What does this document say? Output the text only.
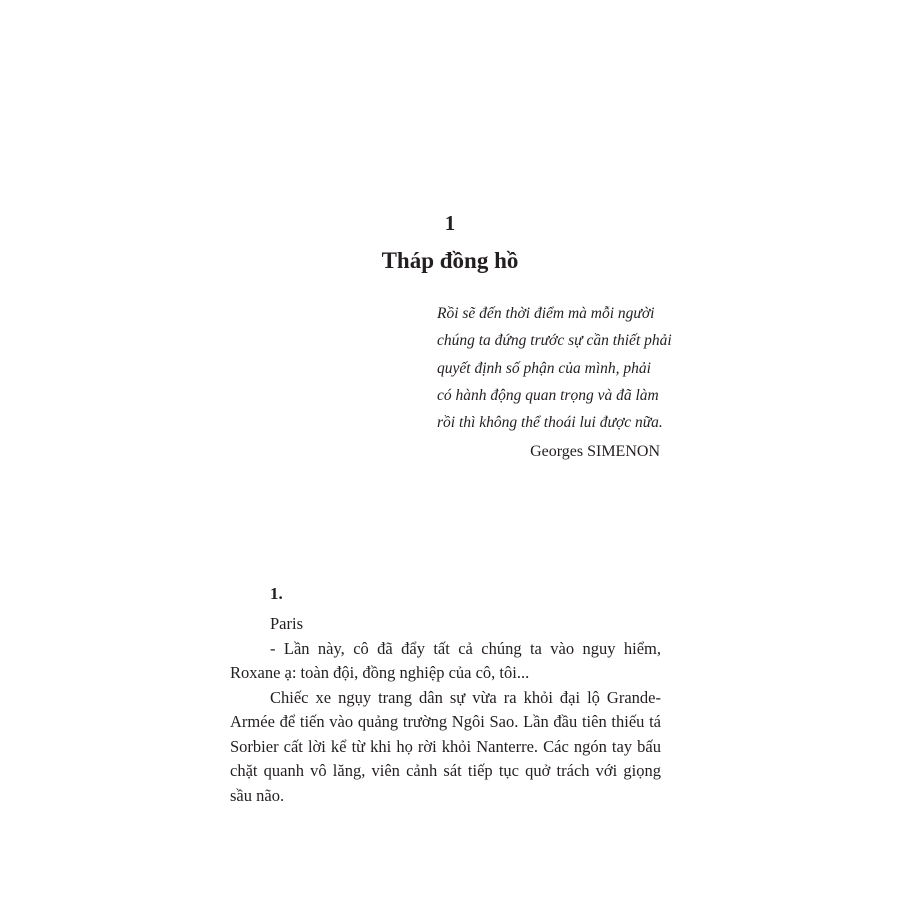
1
Tháp đồng hồ
Rồi sẽ đến thời điểm mà mỗi người
chúng ta đứng trước sự cần thiết phải
quyết định số phận của mình, phải
có hành động quan trọng và đã làm
rồi thì không thể thoái lui được nữa.
Georges SIMENON
1.

Paris

- Lần này, cô đã đẩy tất cả chúng ta vào nguy hiểm, Roxane ạ: toàn đội, đồng nghiệp của cô, tôi...

Chiếc xe ngụy trang dân sự vừa ra khỏi đại lộ Grande-Armée để tiến vào quảng trường Ngôi Sao. Lần đầu tiên thiếu tá Sorbier cất lời kể từ khi họ rời khỏi Nanterre. Các ngón tay bấu chặt quanh vô lăng, viên cảnh sát tiếp tục quở trách với giọng sầu não.
